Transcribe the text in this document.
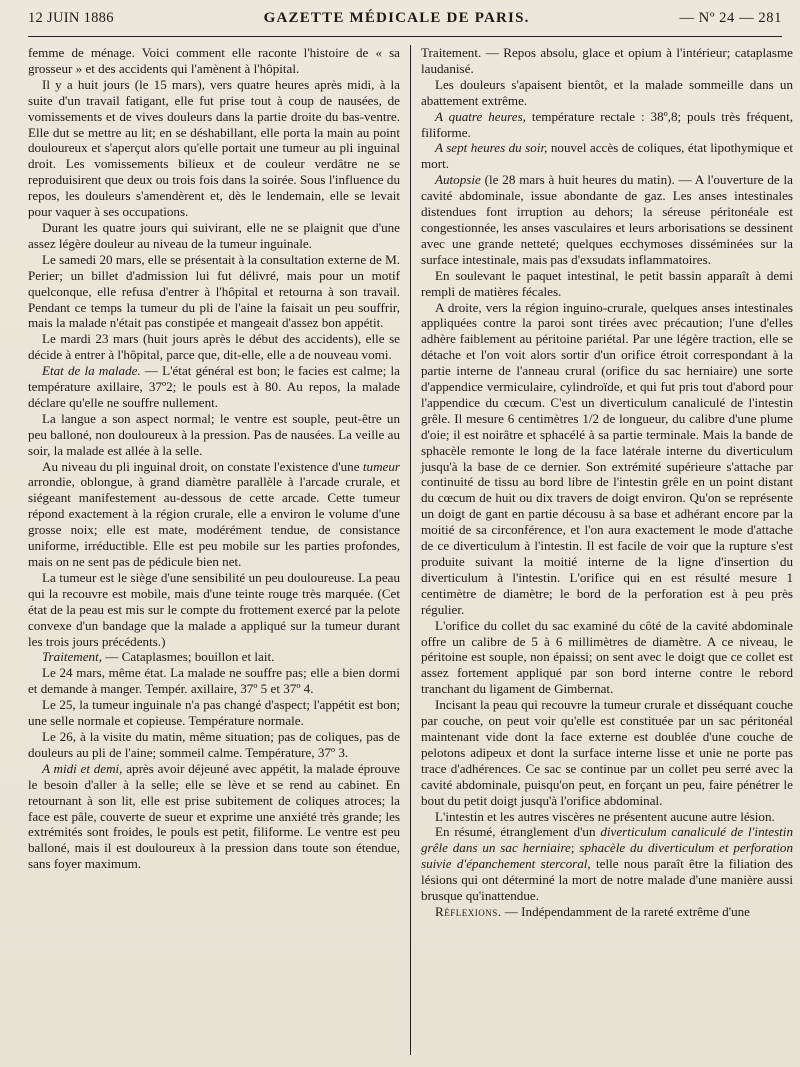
12 JUIN 1886	GAZETTE MÉDICALE DE PARIS.	— Nº 24 — 281

femme de ménage. Voici comment elle raconte l'histoire de « sa grosseur » et des accidents qui l'amènent à l'hôpital.

Il y a huit jours (le 15 mars), vers quatre heures après midi, à la suite d'un travail fatigant, elle fut prise tout à coup de nausées, de vomissements et de vives douleurs dans la partie droite du bas-ventre. Elle dut se mettre au lit; en se déshabillant, elle porta la main au point douloureux et s'aperçut alors qu'elle portait une tumeur au pli inguinal droit. Les vomissements bilieux et de couleur verdâtre ne se reproduisirent que deux ou trois fois dans la soirée. Sous l'influence du repos, les douleurs s'amendèrent et, dès le lendemain, elle se levait pour vaquer à ses occupations.

Durant les quatre jours qui suivirant, elle ne se plaignit que d'une assez légère douleur au niveau de la tumeur inguinale.

Le samedi 20 mars, elle se présentait à la consultation externe de M. Perier; un billet d'admission lui fut délivré, mais pour un motif quelconque, elle refusa d'entrer à l'hôpital et retourna à son travail. Pendant ce temps la tumeur du pli de l'aine la faisait un peu souffrir, mais la malade n'était pas constipée et mangeait d'assez bon appétit.

Le mardi 23 mars (huit jours après le début des accidents), elle se décide à entrer à l'hôpital, parce que, dit-elle, elle a de nouveau vomi.

Etat de la malade. — L'état général est bon; le facies est calme; la température axillaire, 37º2; le pouls est à 80. Au repos, la malade déclare qu'elle ne souffre nullement.

La langue a son aspect normal; le ventre est souple, peut-être un peu balloné, non douloureux à la pression. Pas de nausées. La veille au soir, la malade est allée à la selle.

Au niveau du pli inguinal droit, on constate l'existence d'une tumeur arrondie, oblongue, à grand diamètre parallèle à l'arcade crurale, et siégeant manifestement au-dessous de cette arcade. Cette tumeur répond exactement à la région crurale, elle a environ le volume d'une grosse noix; elle est mate, modérément tendue, de consistance uniforme, irréductible. Elle est peu mobile sur les parties profondes, mais on ne sent pas de pédicule bien net.

La tumeur est le siège d'une sensibilité un peu douloureuse. La peau qui la recouvre est mobile, mais d'une teinte rouge très marquée. (Cet état de la peau est mis sur le compte du frottement exercé par la pelote convexe d'un bandage que la malade a appliqué sur la tumeur durant les trois jours précédents.)

Traitement, — Cataplasmes; bouillon et lait.

Le 24 mars, même état. La malade ne souffre pas; elle a bien dormi et demande à manger. Tempér. axillaire, 37º 5 et 37º 4.

Le 25, la tumeur inguinale n'a pas changé d'aspect; l'appétit est bon; une selle normale et copieuse. Température normale.

Le 26, à la visite du matin, même situation; pas de coliques, pas de douleurs au pli de l'aine; sommeil calme. Température, 37º 3.

A midi et demi, après avoir déjeuné avec appétit, la malade éprouve le besoin d'aller à la selle; elle se lève et se rend au cabinet. En retournant à son lit, elle est prise subitement de coliques atroces; la face est pâle, couverte de sueur et exprime une anxiété très grande; les extrémités sont froides, le pouls est petit, filiforme. Le ventre est peu balloné, mais il est douloureux à la pression dans toute son étendue, sans foyer maximum.

Traitement. — Repos absolu, glace et opium à l'intérieur; cataplasme laudanisé.

Les douleurs s'apaisent bientôt, et la malade sommeille dans un abattement extrême.

A quatre heures, température rectale : 38º,8; pouls très fréquent, filiforme.

A sept heures du soir, nouvel accès de coliques, état lipothymique et mort.

Autopsie (le 28 mars à huit heures du matin). — A l'ouverture de la cavité abdominale, issue abondante de gaz. Les anses intestinales distendues font irruption au dehors; la séreuse péritonéale est congestionnée, les anses vasculaires et leurs arborisations se dessinent avec une grande netteté; quelques ecchymoses disséminées sur la surface intestinale, mais pas d'exsudats inflammatoires.

En soulevant le paquet intestinal, le petit bassin apparaît à demi rempli de matières fécales.

A droite, vers la région inguino-crurale, quelques anses intestinales appliquées contre la paroi sont tirées avec précaution; l'une d'elles adhère faiblement au péritoine pariétal. Par une légère traction, elle se détache et l'on voit alors sortir d'un orifice étroit correspondant à la partie interne de l'anneau crural (orifice du sac herniaire) une sorte d'appendice vermiculaire, cylindroïde, et qui fut pris tout d'abord pour l'appendice du cœcum. C'est un diverticulum canaliculé de l'intestin grêle. Il mesure 6 centimètres 1/2 de longueur, du calibre d'une plume d'oie; il est noirâtre et sphacélé à sa partie terminale. Mais la bande de sphacèle remonte le long de la face latérale interne du diverticulum jusqu'à la base de ce dernier. Son extrémité supérieure s'attache par continuité de tissu au bord libre de l'intestin grêle en un point distant du cœcum de huit ou dix travers de doigt environ. Qu'on se représente un doigt de gant en partie décousu à sa base et adhérant encore par la moitié de sa circonférence, et l'on aura exactement le mode d'attache de ce diverticulum à l'intestin. Il est facile de voir que la rupture s'est produite suivant la moitié interne de la ligne d'insertion du diverticulum à l'intestin. L'orifice qui en est résulté mesure 1 centimètre de diamètre; le bord de la perforation est à peu près régulier.

L'orifice du collet du sac examiné du côté de la cavité abdominale offre un calibre de 5 à 6 millimètres de diamètre. A ce niveau, le péritoine est souple, non épaissi; on sent avec le doigt que ce collet est assez fortement appliqué par son bord interne contre le rebord tranchant du ligament de Gimbernat.

Incisant la peau qui recouvre la tumeur crurale et disséquant couche par couche, on peut voir qu'elle est constituée par un sac péritonéal maintenant vide dont la face externe est doublée d'une couche de pelotons adipeux et dont la surface interne lisse et unie ne porte pas trace d'adhérences. Ce sac se continue par un collet peu serré avec la cavité abdominale, puisqu'on peut, en forçant un peu, faire pénétrer le bout du petit doigt jusqu'à l'orifice abdominal.

L'intestin et les autres viscères ne présentent aucune autre lésion.

En résumé, étranglement d'un diverticulum canaliculé de l'intestin grêle dans un sac herniaire; sphacèle du diverticulum et perforation suivie d'épanchement stercoral, telle nous paraît être la filiation des lésions qui ont déterminé la mort de notre malade d'une manière aussi brusque qu'inattendue.

Réflexions. — Indépendamment de la rareté extrême d'une
